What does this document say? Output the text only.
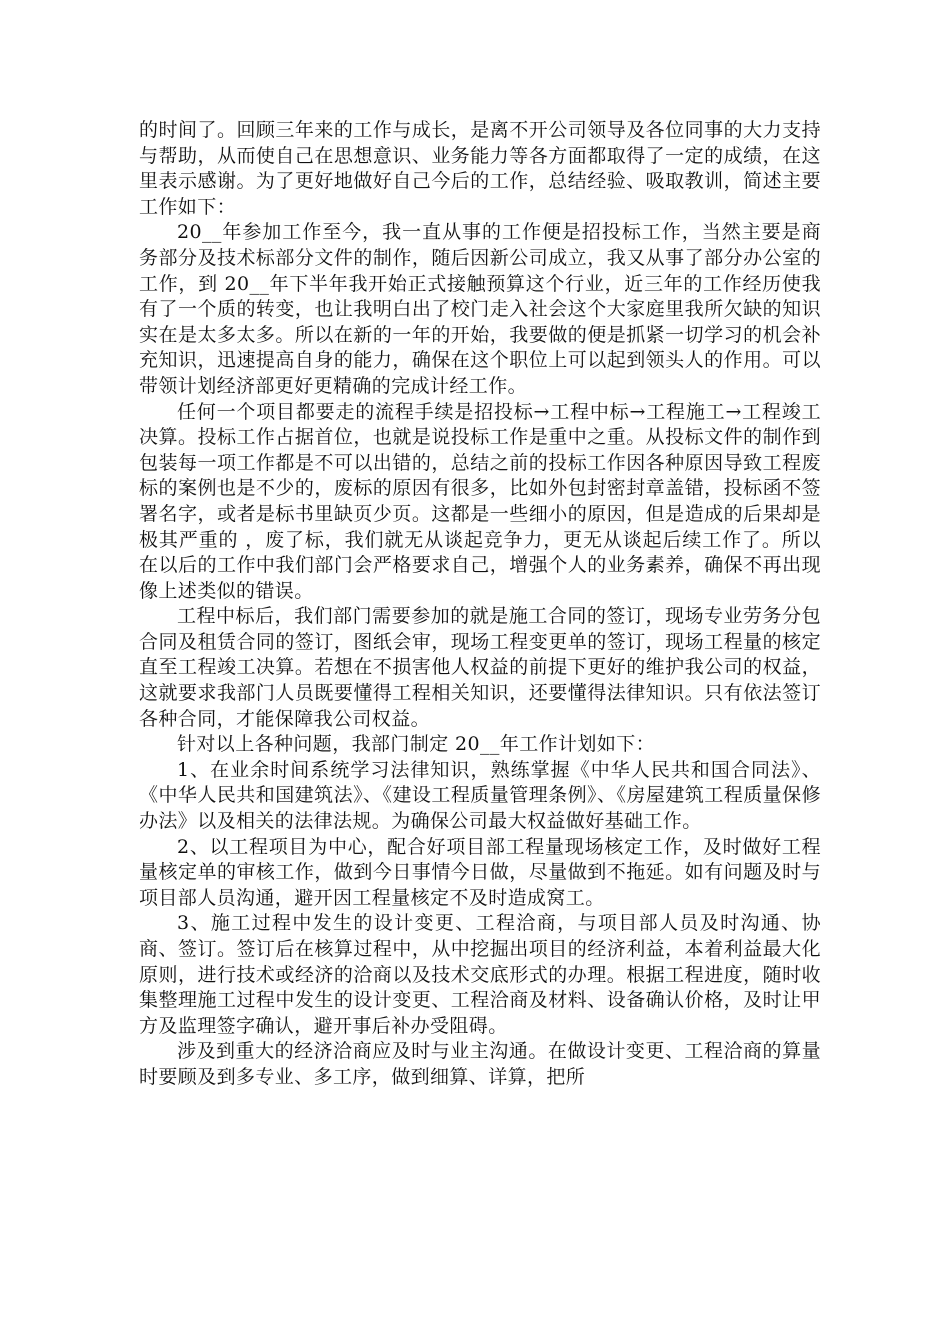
的时间了。回顾三年来的工作与成长，是离不开公司领导及各位同事的大力支持与帮助，从而使自己在思想意识、业务能力等各方面都取得了一定的成绩，在这里表示感谢。为了更好地做好自己今后的工作，总结经验、吸取教训，简述主要工作如下：

20__年参加工作至今，我一直从事的工作便是招投标工作，当然主要是商务部分及技术标部分文件的制作，随后因新公司成立，我又从事了部分办公室的工作，到 20__年下半年我开始正式接触预算这个行业，近三年的工作经历使我有了一个质的转变，也让我明白出了校门走入社会这个大家庭里我所欠缺的知识实在是太多太多。所以在新的一年的开始，我要做的便是抓紧一切学习的机会补充知识，迅速提高自身的能力，确保在这个职位上可以起到领头人的作用。可以带领计划经济部更好更精确的完成计经工作。

任何一个项目都要走的流程手续是招投标→工程中标→工程施工→工程竣工决算。投标工作占据首位，也就是说投标工作是重中之重。从投标文件的制作到包装每一项工作都是不可以出错的，总结之前的投标工作因各种原因导致工程废标的案例也是不少的，废标的原因有很多，比如外包封密封章盖错，投标函不签署名字，或者是标书里缺页少页。这都是一些细小的原因，但是造成的后果却是极其严重的 ，废了标，我们就无从谈起竞争力，更无从谈起后续工作了。所以在以后的工作中我们部门会严格要求自己，增强个人的业务素养，确保不再出现像上述类似的错误。

工程中标后，我们部门需要参加的就是施工合同的签订，现场专业劳务分包合同及租赁合同的签订，图纸会审，现场工程变更单的签订，现场工程量的核定直至工程竣工决算。若想在不损害他人权益的前提下更好的维护我公司的权益，这就要求我部门人员既要懂得工程相关知识，还要懂得法律知识。只有依法签订各种合同，才能保障我公司权益。

针对以上各种问题，我部门制定 20__年工作计划如下：

1、在业余时间系统学习法律知识，熟练掌握《中华人民共和国合同法》、《中华人民共和国建筑法》、《建设工程质量管理条例》、《房屋建筑工程质量保修办法》以及相关的法律法规。为确保公司最大权益做好基础工作。

2、以工程项目为中心，配合好项目部工程量现场核定工作，及时做好工程量核定单的审核工作，做到今日事情今日做，尽量做到不拖延。如有问题及时与项目部人员沟通，避开因工程量核定不及时造成窝工。

3、施工过程中发生的设计变更、工程洽商，与项目部人员及时沟通、协商、签订。签订后在核算过程中，从中挖掘出项目的经济利益，本着利益最大化原则，进行技术或经济的洽商以及技术交底形式的办理。根据工程进度，随时收集整理施工过程中发生的设计变更、工程洽商及材料、设备确认价格，及时让甲方及监理签字确认，避开事后补办受阻碍。

涉及到重大的经济洽商应及时与业主沟通。在做设计变更、工程洽商的算量时要顾及到多专业、多工序，做到细算、详算，把所
